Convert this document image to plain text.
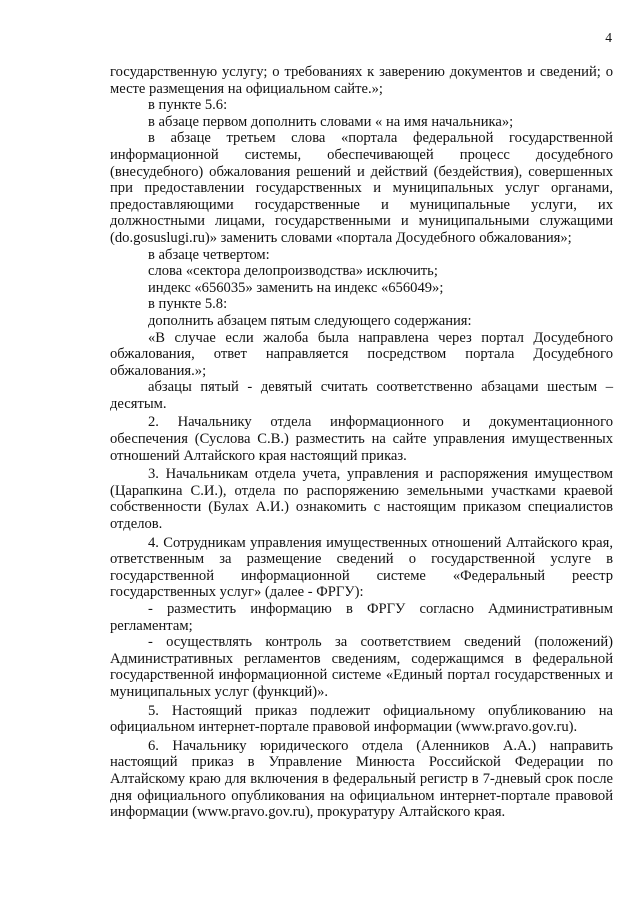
4

государственную услугу; о требованиях к заверению документов и сведений; о месте размещения на официальном сайте.»;

в пункте 5.6:

в абзаце первом дополнить словами « на имя начальника»;

в абзаце третьем слова «портала федеральной государственной информационной системы, обеспечивающей процесс досудебного (внесудебного) обжалования решений и действий (бездействия), совершенных при предоставлении государственных и муниципальных услуг органами, предоставляющими государственные и муниципальные услуги, их должностными лицами, государственными и муниципальными служащими (do.gosuslugi.ru)» заменить словами «портала Досудебного обжалования»;

в абзаце четвертом:

слова «сектора делопроизводства» исключить;

индекс «656035» заменить на индекс «656049»;

в пункте 5.8:

дополнить абзацем пятым следующего содержания:

«В случае если жалоба была направлена через портал Досудебного обжалования, ответ направляется посредством портала Досудебного обжалования.»;

абзацы пятый - девятый считать соответственно абзацами шестым – десятым.

2. Начальнику отдела информационного и документационного обеспечения (Суслова С.В.) разместить на сайте управления имущественных отношений Алтайского края настоящий приказ.

3. Начальникам отдела учета, управления и распоряжения имуществом (Царапкина С.И.), отдела по распоряжению земельными участками краевой собственности (Булах А.И.) ознакомить с настоящим приказом специалистов отделов.

4. Сотрудникам управления имущественных отношений Алтайского края, ответственным за размещение сведений о государственной услуге в государственной информационной системе «Федеральный реестр государственных услуг» (далее - ФРГУ):

- разместить информацию в ФРГУ согласно Административным регламентам;

- осуществлять контроль за соответствием сведений (положений) Административных регламентов сведениям, содержащимся в федеральной государственной информационной системе «Единый портал государственных и муниципальных услуг (функций)».

5. Настоящий приказ подлежит официальному опубликованию на официальном интернет-портале правовой информации (www.pravo.gov.ru).

6. Начальнику юридического отдела (Аленников А.А.) направить настоящий приказ в Управление Минюста Российской Федерации по Алтайскому краю для включения в федеральный регистр в 7-дневый срок после дня официального опубликования на официальном интернет-портале правовой информации (www.pravo.gov.ru), прокуратуру Алтайского края.
